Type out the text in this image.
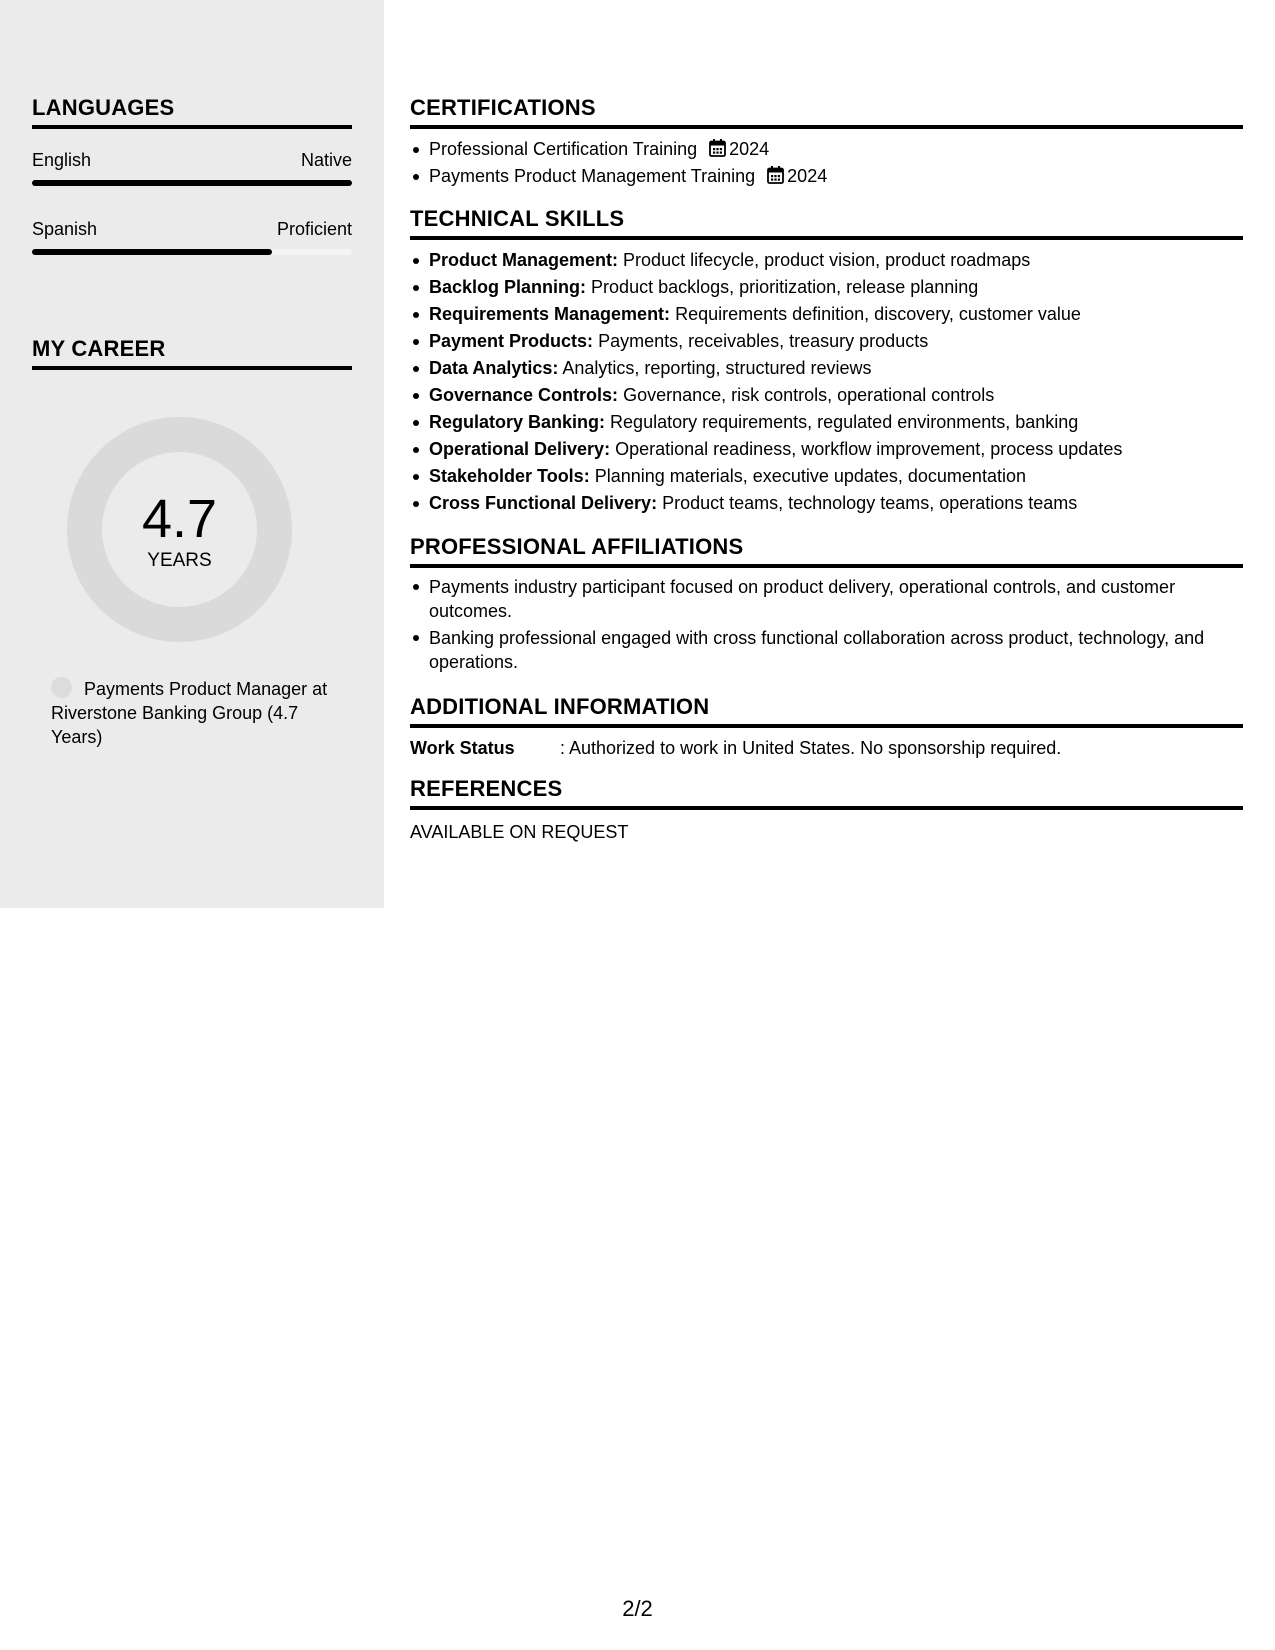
LANGUAGES
English	Native
Spanish	Proficient
MY CAREER
4.7
YEARS
Payments Product Manager at Riverstone Banking Group (4.7 Years)
CERTIFICATIONS
Professional Certification Training 2024
Payments Product Management Training 2024
TECHNICAL SKILLS
Product Management: Product lifecycle, product vision, product roadmaps
Backlog Planning: Product backlogs, prioritization, release planning
Requirements Management: Requirements definition, discovery, customer value
Payment Products: Payments, receivables, treasury products
Data Analytics: Analytics, reporting, structured reviews
Governance Controls: Governance, risk controls, operational controls
Regulatory Banking: Regulatory requirements, regulated environments, banking
Operational Delivery: Operational readiness, workflow improvement, process updates
Stakeholder Tools: Planning materials, executive updates, documentation
Cross Functional Delivery: Product teams, technology teams, operations teams
PROFESSIONAL AFFILIATIONS
Payments industry participant focused on product delivery, operational controls, and customer outcomes.
Banking professional engaged with cross functional collaboration across product, technology, and operations.
ADDITIONAL INFORMATION
Work Status	: Authorized to work in United States. No sponsorship required.
REFERENCES
AVAILABLE ON REQUEST
2/2
